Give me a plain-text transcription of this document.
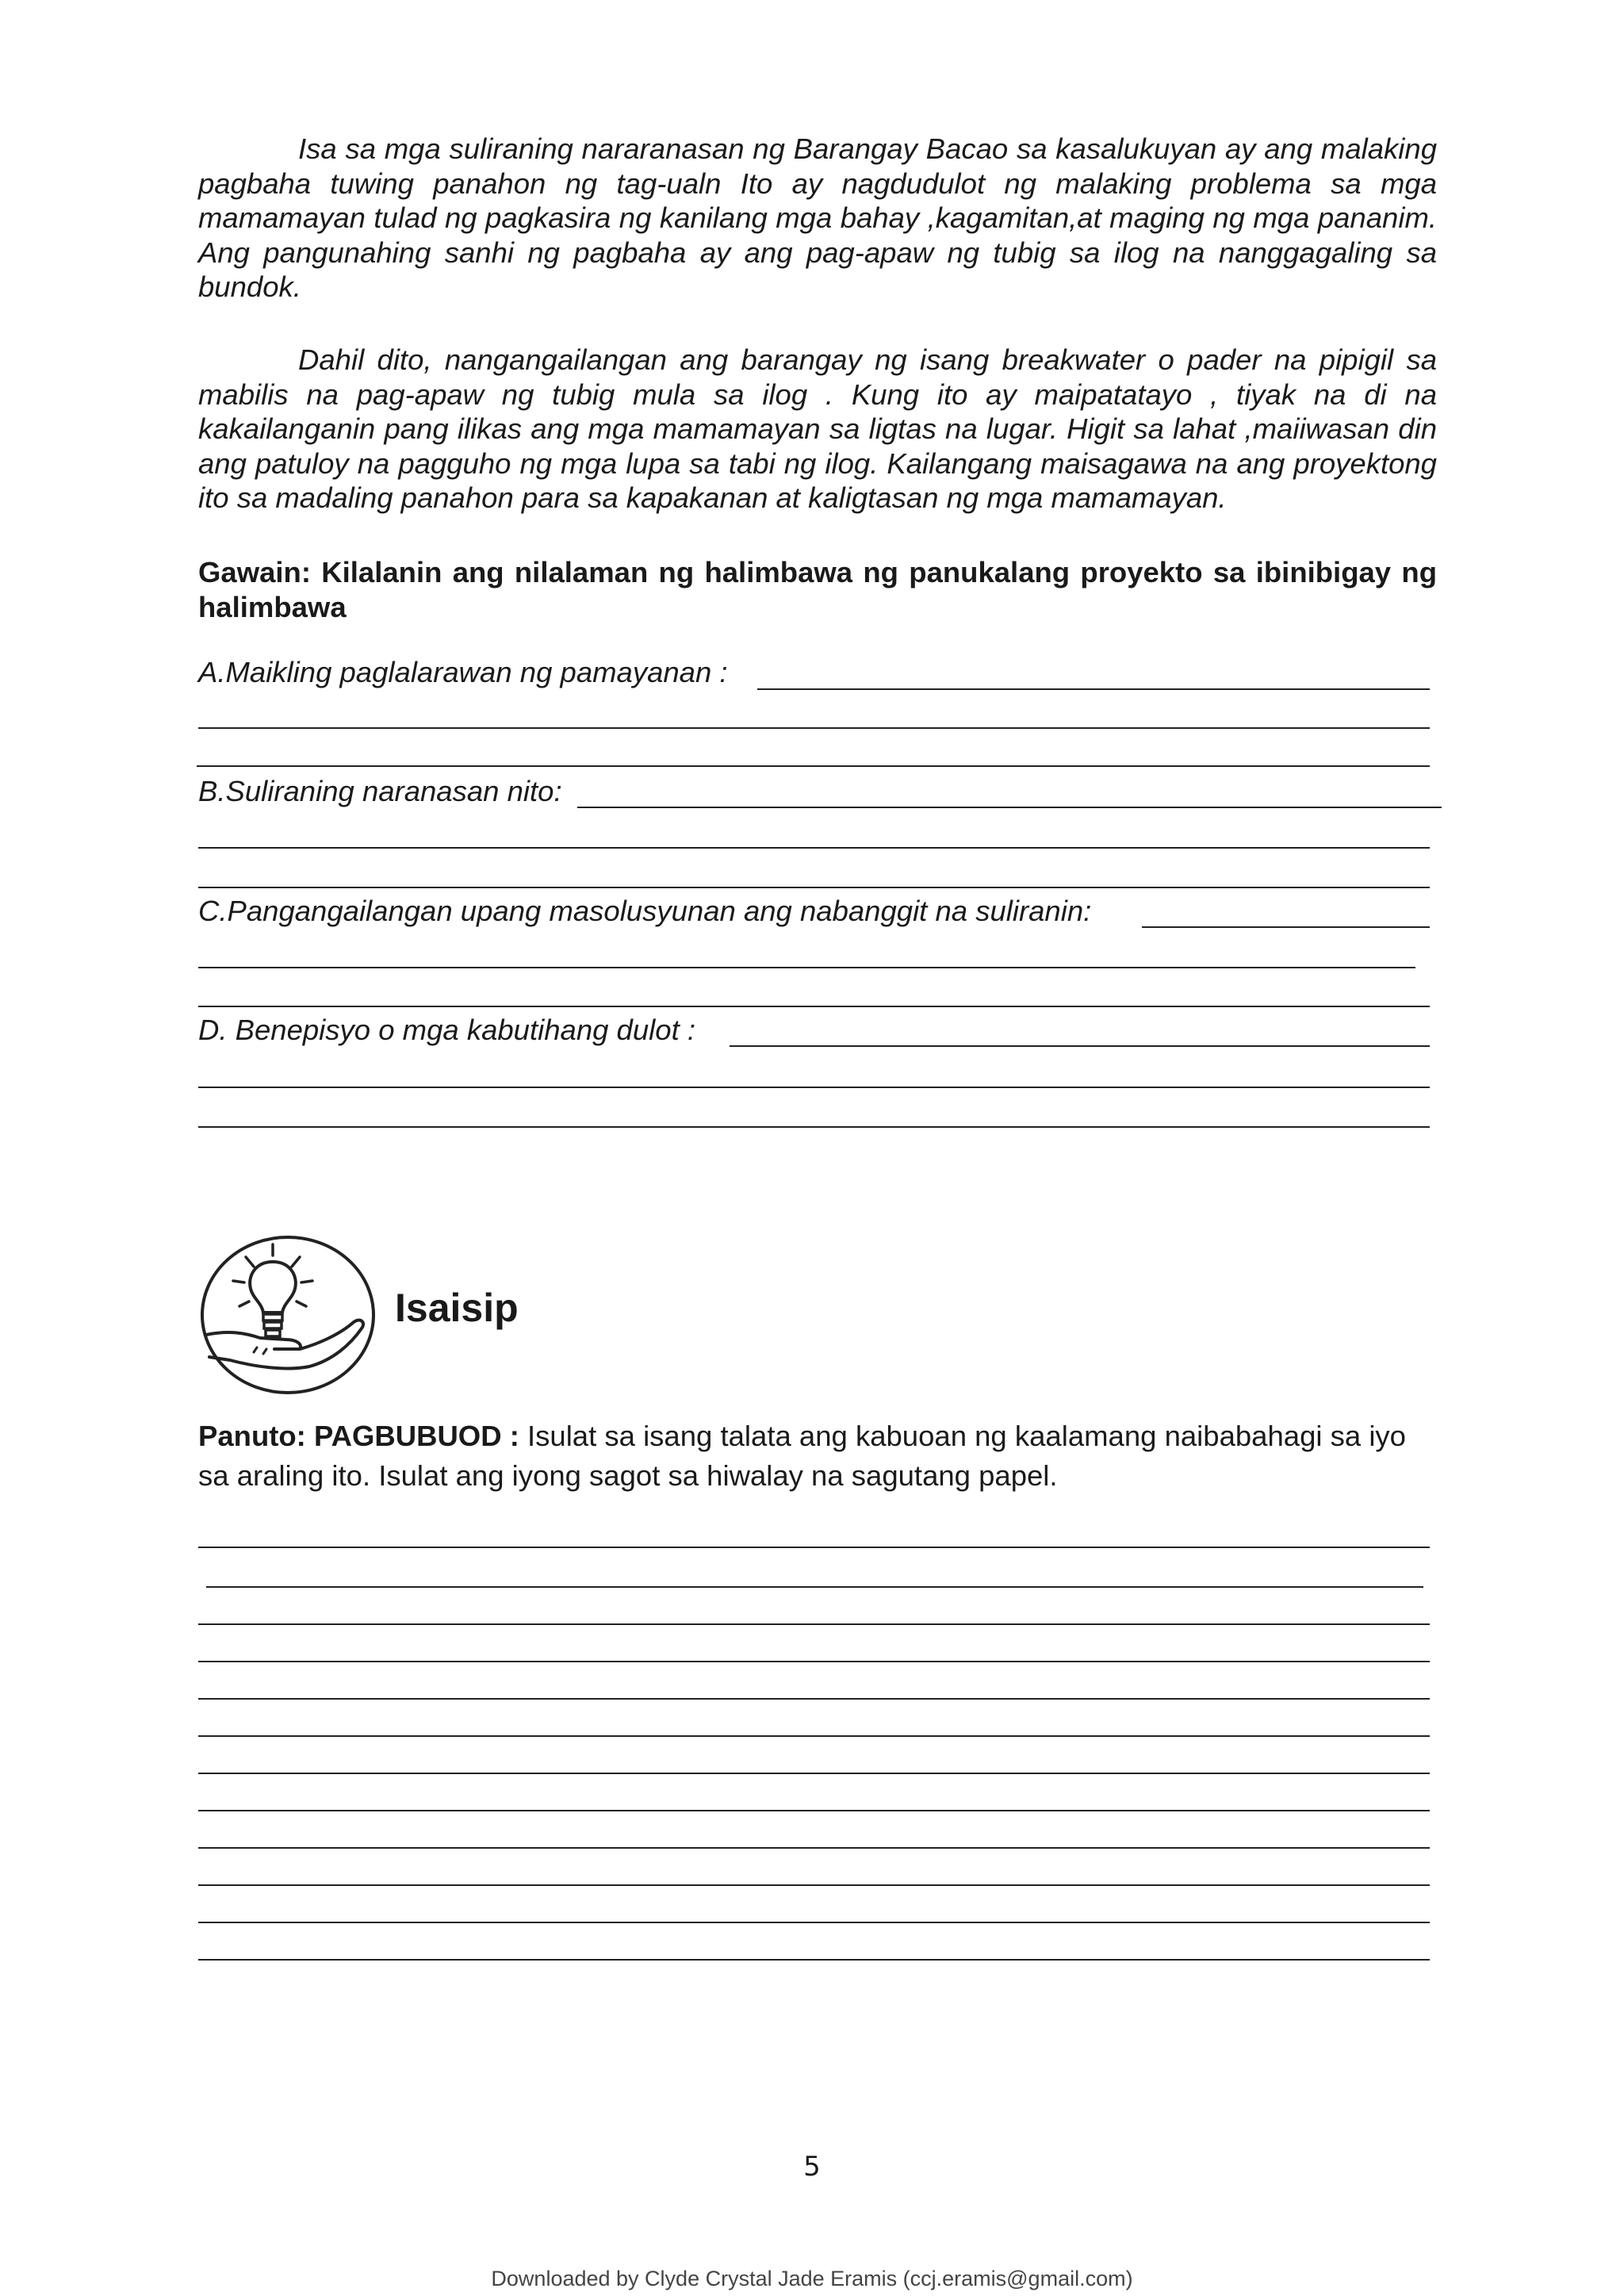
Isa sa mga suliraning nararanasan ng Barangay Bacao sa kasalukuyan ay ang malaking pagbaha tuwing panahon ng tag-ualn Ito ay nagdudulot ng malaking problema sa mga mamamayan tulad ng pagkasira ng kanilang mga bahay ,kagamitan,at maging ng mga pananim. Ang pangunahing sanhi ng pagbaha ay ang pag-apaw ng tubig sa ilog na nanggagaling sa bundok.

Dahil dito, nangangailangan ang barangay ng isang breakwater o pader na pipigil sa mabilis na pag-apaw ng tubig mula sa ilog . Kung ito ay maipatatayo , tiyak na di na kakailanganin pang ilikas ang mga mamamayan sa ligtas na lugar. Higit sa lahat ,maiiwasan din ang patuloy na pagguho ng mga lupa sa tabi ng ilog. Kailangang maisagawa na ang proyektong ito sa madaling panahon para sa kapakanan at kaligtasan ng mga mamamayan.

Gawain: Kilalanin ang nilalaman ng halimbawa ng panukalang proyekto sa ibinibigay ng halimbawa

A.Maikling paglalarawan ng pamayanan :
B.Suliraning naranasan nito:
C.Pangangailangan upang masolusyunan ang nabanggit na suliranin:
D. Benepisyo o mga kabutihang dulot :
Isaisip

Panuto: PAGBUBUOD : Isulat sa isang talata ang kabuoan ng kaalamang naibabahagi sa iyo sa araling ito. Isulat ang iyong sagot sa hiwalay na sagutang papel.

5
Downloaded by Clyde Crystal Jade Eramis (ccj.eramis@gmail.com)
